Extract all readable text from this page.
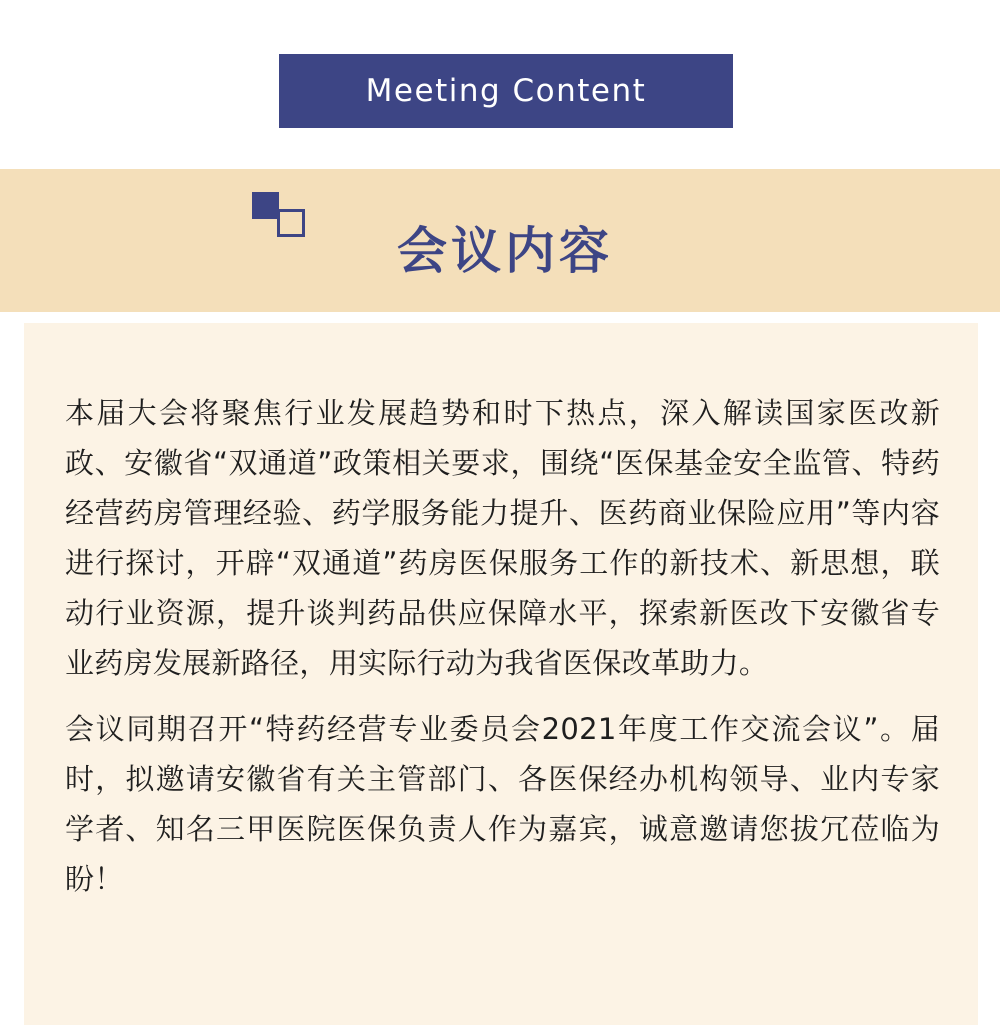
Meeting Content
会议内容

本届大会将聚焦行业发展趋势和时下热点，深入解读国家医改新政、安徽省“双通道”政策相关要求，围绕“医保基金安全监管、特药经营药房管理经验、药学服务能力提升、医药商业保险应用”等内容进行探讨，开辟“双通道”药房医保服务工作的新技术、新思想，联动行业资源，提升谈判药品供应保障水平，探索新医改下安徽省专业药房发展新路径，用实际行动为我省医保改革助力。

会议同期召开“特药经营专业委员会2021年度工作交流会议”。届时，拟邀请安徽省有关主管部门、各医保经办机构领导、业内专家学者、知名三甲医院医保负责人作为嘉宾，诚意邀请您拔冗莅临为盼！
